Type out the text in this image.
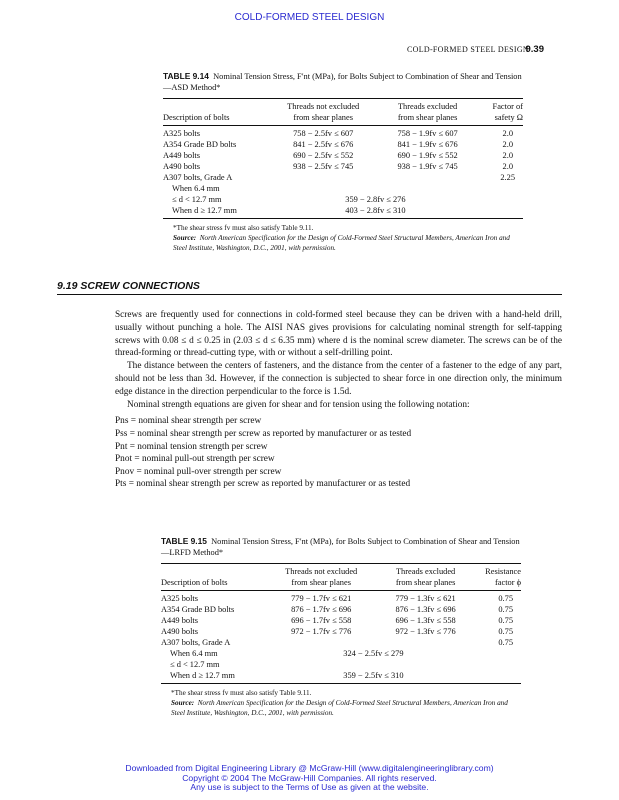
COLD-FORMED STEEL DESIGN
COLD-FORMED STEEL DESIGN
9.39
TABLE 9.14 Nominal Tension Stress, F′nt (MPa), for Bolts Subject to Combination of Shear and Tension—ASD Method*
	Threads not excluded	Threads excluded	Factor of
Description of bolts	from shear planes	from shear planes	safety Ω
A325 bolts	758 − 2.5fv ≤ 607	758 − 1.9fv ≤ 607	2.0
A354 Grade BD bolts	841 − 2.5fv ≤ 676	841 − 1.9fv ≤ 676	2.0
A449 bolts	690 − 2.5fv ≤ 552	690 − 1.9fv ≤ 552	2.0
A490 bolts	938 − 2.5fv ≤ 745	938 − 1.9fv ≤ 745	2.0
A307 bolts, Grade A			2.25
When 6.4 mm	359 − 2.8fv ≤ 276		
≤ d < 12.7 mm			
When d ≥ 12.7 mm	403 − 2.8fv ≤ 310		
*The shear stress fv must also satisfy Table 9.11.
Source: North American Specification for the Design of Cold-Formed Steel Structural Members, American Iron and Steel Institute, Washington, D.C., 2001, with permission.
9.19 SCREW CONNECTIONS

Screws are frequently used for connections in cold-formed steel because they can be driven with a hand-held drill, usually without punching a hole. The AISI NAS gives provisions for calculating nominal strength for self-tapping screws with 0.08 ≤ d ≤ 0.25 in (2.03 ≤ d ≤ 6.35 mm) where d is the nominal screw diameter. The screws can be of the thread-forming or thread-cutting type, with or without a self-drilling point.

The distance between the centers of fasteners, and the distance from the center of a fastener to the edge of any part, should not be less than 3d. However, if the connection is subjected to shear force in one direction only, the minimum edge distance in the direction perpendicular to the force is 1.5d.

Nominal strength equations are given for shear and for tension using the following notation:

Pns = nominal shear strength per screw
Pss = nominal shear strength per screw as reported by manufacturer or as tested
Pnt = nominal tension strength per screw
Pnot = nominal pull-out strength per screw
Pnov = nominal pull-over strength per screw
Pts = nominal shear strength per screw as reported by manufacturer or as tested
TABLE 9.15 Nominal Tension Stress, F′nt (MPa), for Bolts Subject to Combination of Shear and Tension—LRFD Method*
	Threads not excluded	Threads excluded	Resistance
Description of bolts	from shear planes	from shear planes	factor ϕ
A325 bolts	779 − 1.7fv ≤ 621	779 − 1.3fv ≤ 621	0.75
A354 Grade BD bolts	876 − 1.7fv ≤ 696	876 − 1.3fv ≤ 696	0.75
A449 bolts	696 − 1.7fv ≤ 558	696 − 1.3fv ≤ 558	0.75
A490 bolts	972 − 1.7fv ≤ 776	972 − 1.3fv ≤ 776	0.75
A307 bolts, Grade A			0.75
When 6.4 mm	324 − 2.5fv ≤ 279		
≤ d < 12.7 mm			
When d ≥ 12.7 mm	359 − 2.5fv ≤ 310		
*The shear stress fv must also satisfy Table 9.11.
Source: North American Specification for the Design of Cold-Formed Steel Structural Members, American Iron and Steel Institute, Washington, D.C., 2001, with permission.
Downloaded from Digital Engineering Library @ McGraw-Hill (www.digitalengineeringlibrary.com)
Copyright © 2004 The McGraw-Hill Companies. All rights reserved.
Any use is subject to the Terms of Use as given at the website.
